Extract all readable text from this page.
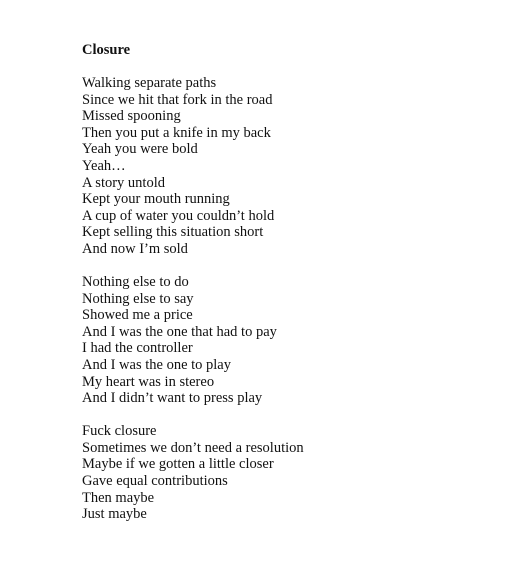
Closure
Walking separate paths
Since we hit that fork in the road
Missed spooning
Then you put a knife in my back
Yeah you were bold
Yeah…
A story untold
Kept your mouth running
A cup of water you couldn’t hold
Kept selling this situation short
And now I’m sold
Nothing else to do
Nothing else to say
Showed me a price
And I was the one that had to pay
I had the controller
And I was the one to play
My heart was in stereo
And I didn’t want to press play
Fuck closure
Sometimes we don’t need a resolution
Maybe if we gotten a little closer
Gave equal contributions
Then maybe
Just maybe
